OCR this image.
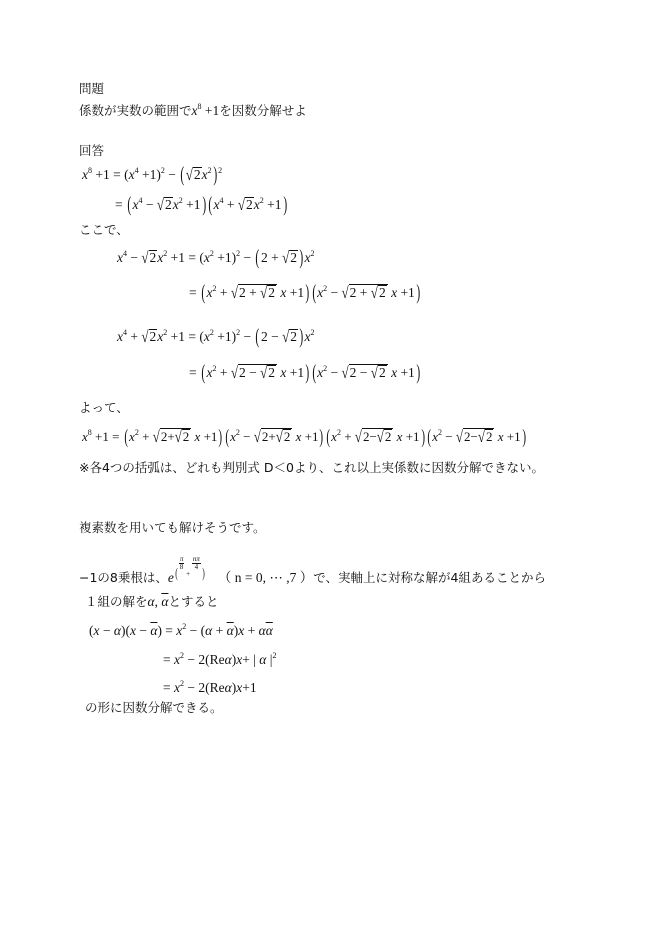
問題
係数が実数の範囲で$x^8 +1$を因数分解せよ
回答
$x^8 +1 = (x^4 +1)^2 - (√2x^2)^2$
= $(x^4 - √2x^2 +1) (x^4 + √2x^2 +1)$
ここで、
$x^4 - √2x^2 +1 = (x^2 +1)^2 - (2 + √2$ )$x^2$
= ($x^2 + √2 + √2$ x +1) ($x^2 - √2 + √2$ x +1)
$x^4 + √2x^2 +1 = (x^2 +1)^2 - (2 - √2$ )$x^2$
= ($x^2 + √2 - √2$ x +1) ($x^2 - √2 - √2$ x +1)
よって、
$x^8 +1 = (x^2 + √2+√2$ x +1) ($x^2 - √2+√2$ x +1) ($x^2 + √2-√2$ x +1) ($x^2 - √2-√2$ x +1)
※各4つの括弧は、どれも判別式 D＜0より、これ以上実係数に因数分解できない。
複素数を用いても解けそうです。
−1の8乗根は、e(
$\frac{\pi}{8}$
+
$\frac{n\pi}{4}$
) （ n = 0, ⋯ ,7 ）で、実軸上に対称な解が4組あることから
１組の解をα, $\overline{\alpha}$とすると
$(x - \alpha)(x - \overline{\alpha}) = x^2 - (\alpha + \overline{\alpha})x + \alpha\overline{\alpha}$
= $x^2 - 2(Re\alpha)x+$ | α $|^2$
= $x^2 - 2(Re\alpha)x+1$
の形に因数分解できる。
